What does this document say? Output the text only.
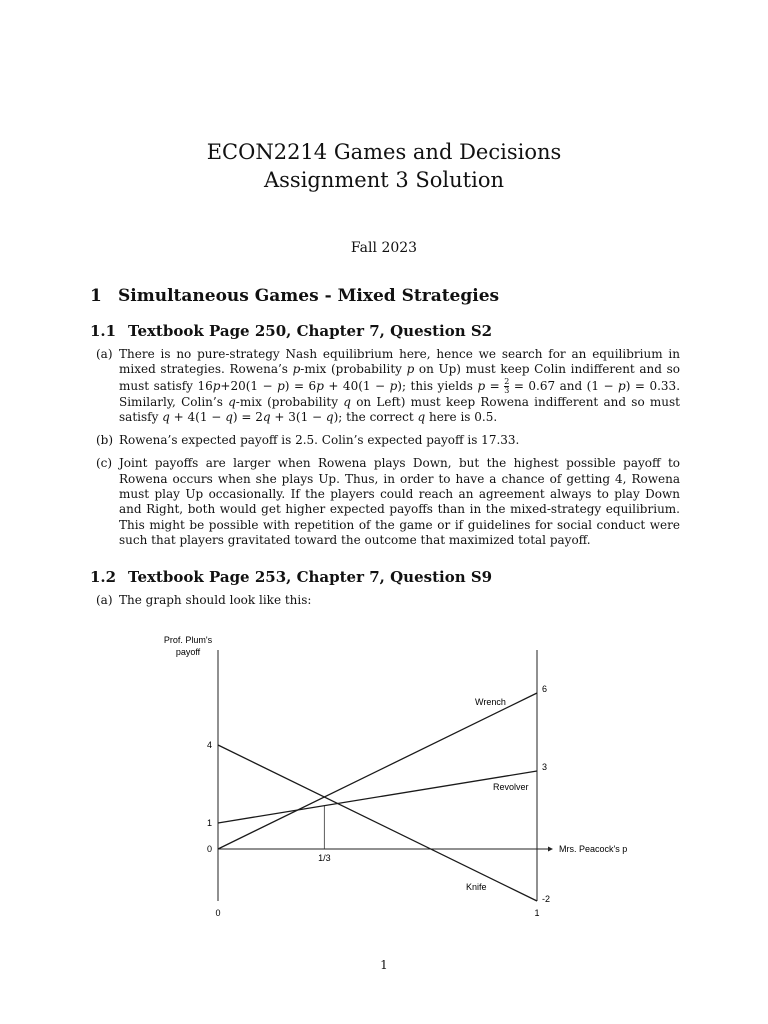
ECON2214 Games and Decisions
Assignment 3 Solution
Fall 2023
1 Simultaneous Games - Mixed Strategies
1.1 Textbook Page 250, Chapter 7, Question S2
(a) There is no pure-strategy Nash equilibrium here, hence we search for an equilibrium in mixed strategies. Rowena’s p-mix (probability p on Up) must keep Colin indifferent and so must satisfy 16p+20(1 − p) = 6p + 40(1 − p); this yields $p = \frac{2}{3} = 0.67$ and (1 − p) = 0.33. Similarly, Colin’s q-mix (probability q on Left) must keep Rowena indifferent and so must satisfy q + 4(1 − q) = 2q + 3(1 − q); the correct q here is 0.5.
(b) Rowena’s expected payoff is 2.5. Colin’s expected payoff is 17.33.
(c) Joint payoffs are larger when Rowena plays Down, but the highest possible payoff to Rowena occurs when she plays Up. Thus, in order to have a chance of getting 4, Rowena must play Up occasionally. If the players could reach an agreement always to play Down and Right, both would get higher expected payoffs than in the mixed-strategy equilibrium. This might be possible with repetition of the game or if guidelines for social conduct were such that players gravitated toward the outcome that maximized total payoff.
1.2 Textbook Page 253, Chapter 7, Question S9
(a) The graph should look like this:
Wrench
Revolver
Knife
Prof. Plum's
payoff
Mrs. Peacock's p
1/3
4
1
0
6
3
-2
0	1
1
